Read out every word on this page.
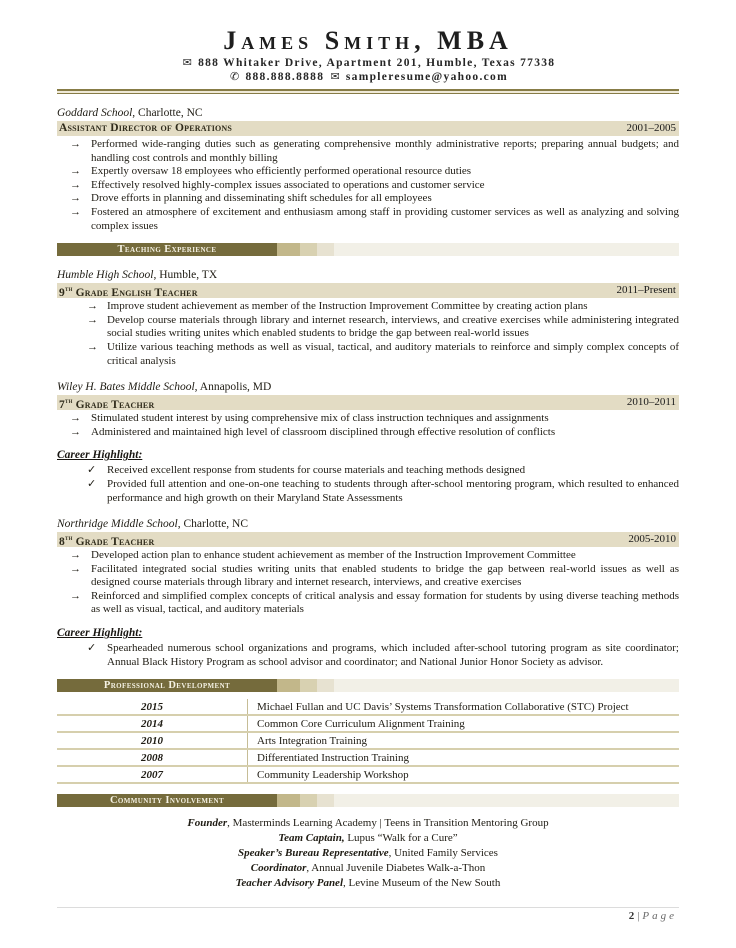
James Smith, MBA
✉ 888 Whitaker Drive, Apartment 201, Humble, Texas 77338
✆ 888.888.8888 ✉ sampleresume@yahoo.com
Goddard School, Charlotte, NC
Assistant Director of Operations	2001–2005
→ Performed wide-ranging duties such as generating comprehensive monthly administrative reports; preparing annual budgets; and handling cost controls and monthly billing
→ Expertly oversaw 18 employees who efficiently performed operational resource duties
→ Effectively resolved highly-complex issues associated to operations and customer service
→ Drove efforts in planning and disseminating shift schedules for all employees
→ Fostered an atmosphere of excitement and enthusiasm among staff in providing customer services as well as analyzing and solving complex issues
Teaching Experience
Humble High School, Humble, TX
9th Grade English Teacher	2011–Present
→ Improve student achievement as member of the Instruction Improvement Committee by creating action plans
→ Develop course materials through library and internet research, interviews, and creative exercises while administering integrated social studies writing unites which enabled students to bridge the gap between real-world issues
→ Utilize various teaching methods as well as visual, tactical, and auditory materials to reinforce and simply complex concepts of critical analysis
Wiley H. Bates Middle School, Annapolis, MD
7th Grade Teacher	2010–2011
→ Stimulated student interest by using comprehensive mix of class instruction techniques and assignments
→ Administered and maintained high level of classroom disciplined through effective resolution of conflicts
Career Highlight:
✓ Received excellent response from students for course materials and teaching methods designed
✓ Provided full attention and one-on-one teaching to students through after-school mentoring program, which resulted to enhanced performance and high growth on their Maryland State Assessments
Northridge Middle School, Charlotte, NC
8th Grade Teacher	2005-2010
→ Developed action plan to enhance student achievement as member of the Instruction Improvement Committee
→ Facilitated integrated social studies writing units that enabled students to bridge the gap between real-world issues as well as designed course materials through library and internet research, interviews, and creative exercises
→ Reinforced and simplified complex concepts of critical analysis and essay formation for students by using diverse teaching methods as well as visual, tactical, and auditory materials
Career Highlight:
✓ Spearheaded numerous school organizations and programs, which included after-school tutoring program as site coordinator; Annual Black History Program as school advisor and coordinator; and National Junior Honor Society as advisor.
Professional Development
2015	Michael Fullan and UC Davis’ Systems Transformation Collaborative (STC) Project
2014	Common Core Curriculum Alignment Training
2010	Arts Integration Training
2008	Differentiated Instruction Training
2007	Community Leadership Workshop
Community Involvement
Founder, Masterminds Learning Academy | Teens in Transition Mentoring Group
Team Captain, Lupus “Walk for a Cure”
Speaker’s Bureau Representative, United Family Services
Coordinator, Annual Juvenile Diabetes Walk-a-Thon
Teacher Advisory Panel, Levine Museum of the New South
2 | Page
